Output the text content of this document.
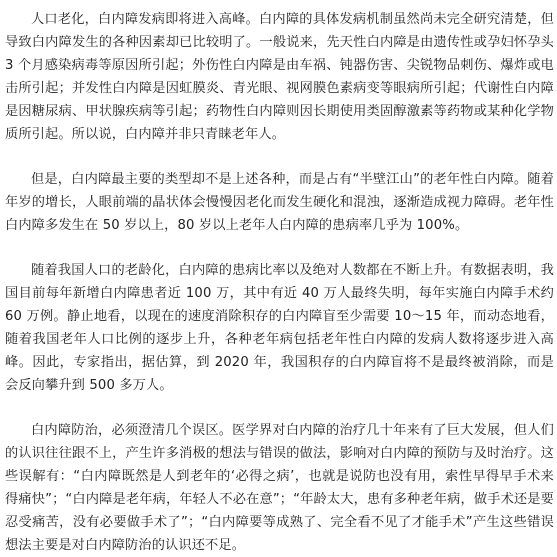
人口老化，白内障发病即将进入高峰。白内障的具体发病机制虽然尚未完全研究清楚，但导致白内障发生的各种因素却已比较明了。一般说来，先天性白内障是由遗传性或孕妇怀孕头 3 个月感染病毒等原因所引起；外伤性白内障是由车祸、钝器伤害、尖锐物品刺伤、爆炸或电击所引起；并发性白内障是因虹膜炎、青光眼、视网膜色素病变等眼病所引起；代谢性白内障是因糖尿病、甲状腺疾病等引起；药物性白内障则因长期使用类固醇激素等药物或某种化学物质所引起。所以说，白内障并非只青睐老年人。

但是，白内障最主要的类型却不是上述各种，而是占有“半壁江山”的老年性白内障。随着年岁的增长，人眼前端的晶状体会慢慢因老化而发生硬化和混浊，逐渐造成视力障碍。老年性白内障多发生在 50 岁以上，80 岁以上老年人白内障的患病率几乎为 100%。

随着我国人口的老龄化，白内障的患病比率以及绝对人数都在不断上升。有数据表明，我国目前每年新增白内障患者近 100 万，其中有近 40 万人最终失明，每年实施白内障手术约 60 万例。静止地看，以现在的速度消除积存的白内障盲至少需要 10～15 年，而动态地看，随着我国老年人口比例的逐步上升，各种老年病包括老年性白内障的发病人数将逐步进入高峰。因此，专家指出，据估算，到 2020 年，我国积存的白内障盲将不是最终被消除，而是会反向攀升到 500 多万人。

白内障防治，必须澄清几个误区。医学界对白内障的治疗几十年来有了巨大发展，但人们的认识往往跟不上，产生许多消极的想法与错误的做法，影响对白内障的预防与及时治疗。这些误解有：“白内障既然是人到老年的‘必得之病’，也就是说防也没有用，索性早得早手术来得痛快”；“白内障是老年病，年轻人不必在意”；“年龄太大，患有多种老年病，做手术还是要忍受痛苦，没有必要做手术了”；“白内障要等成熟了、完全看不见了才能手术”产生这些错误想法主要是对白内障防治的认识还不足。
